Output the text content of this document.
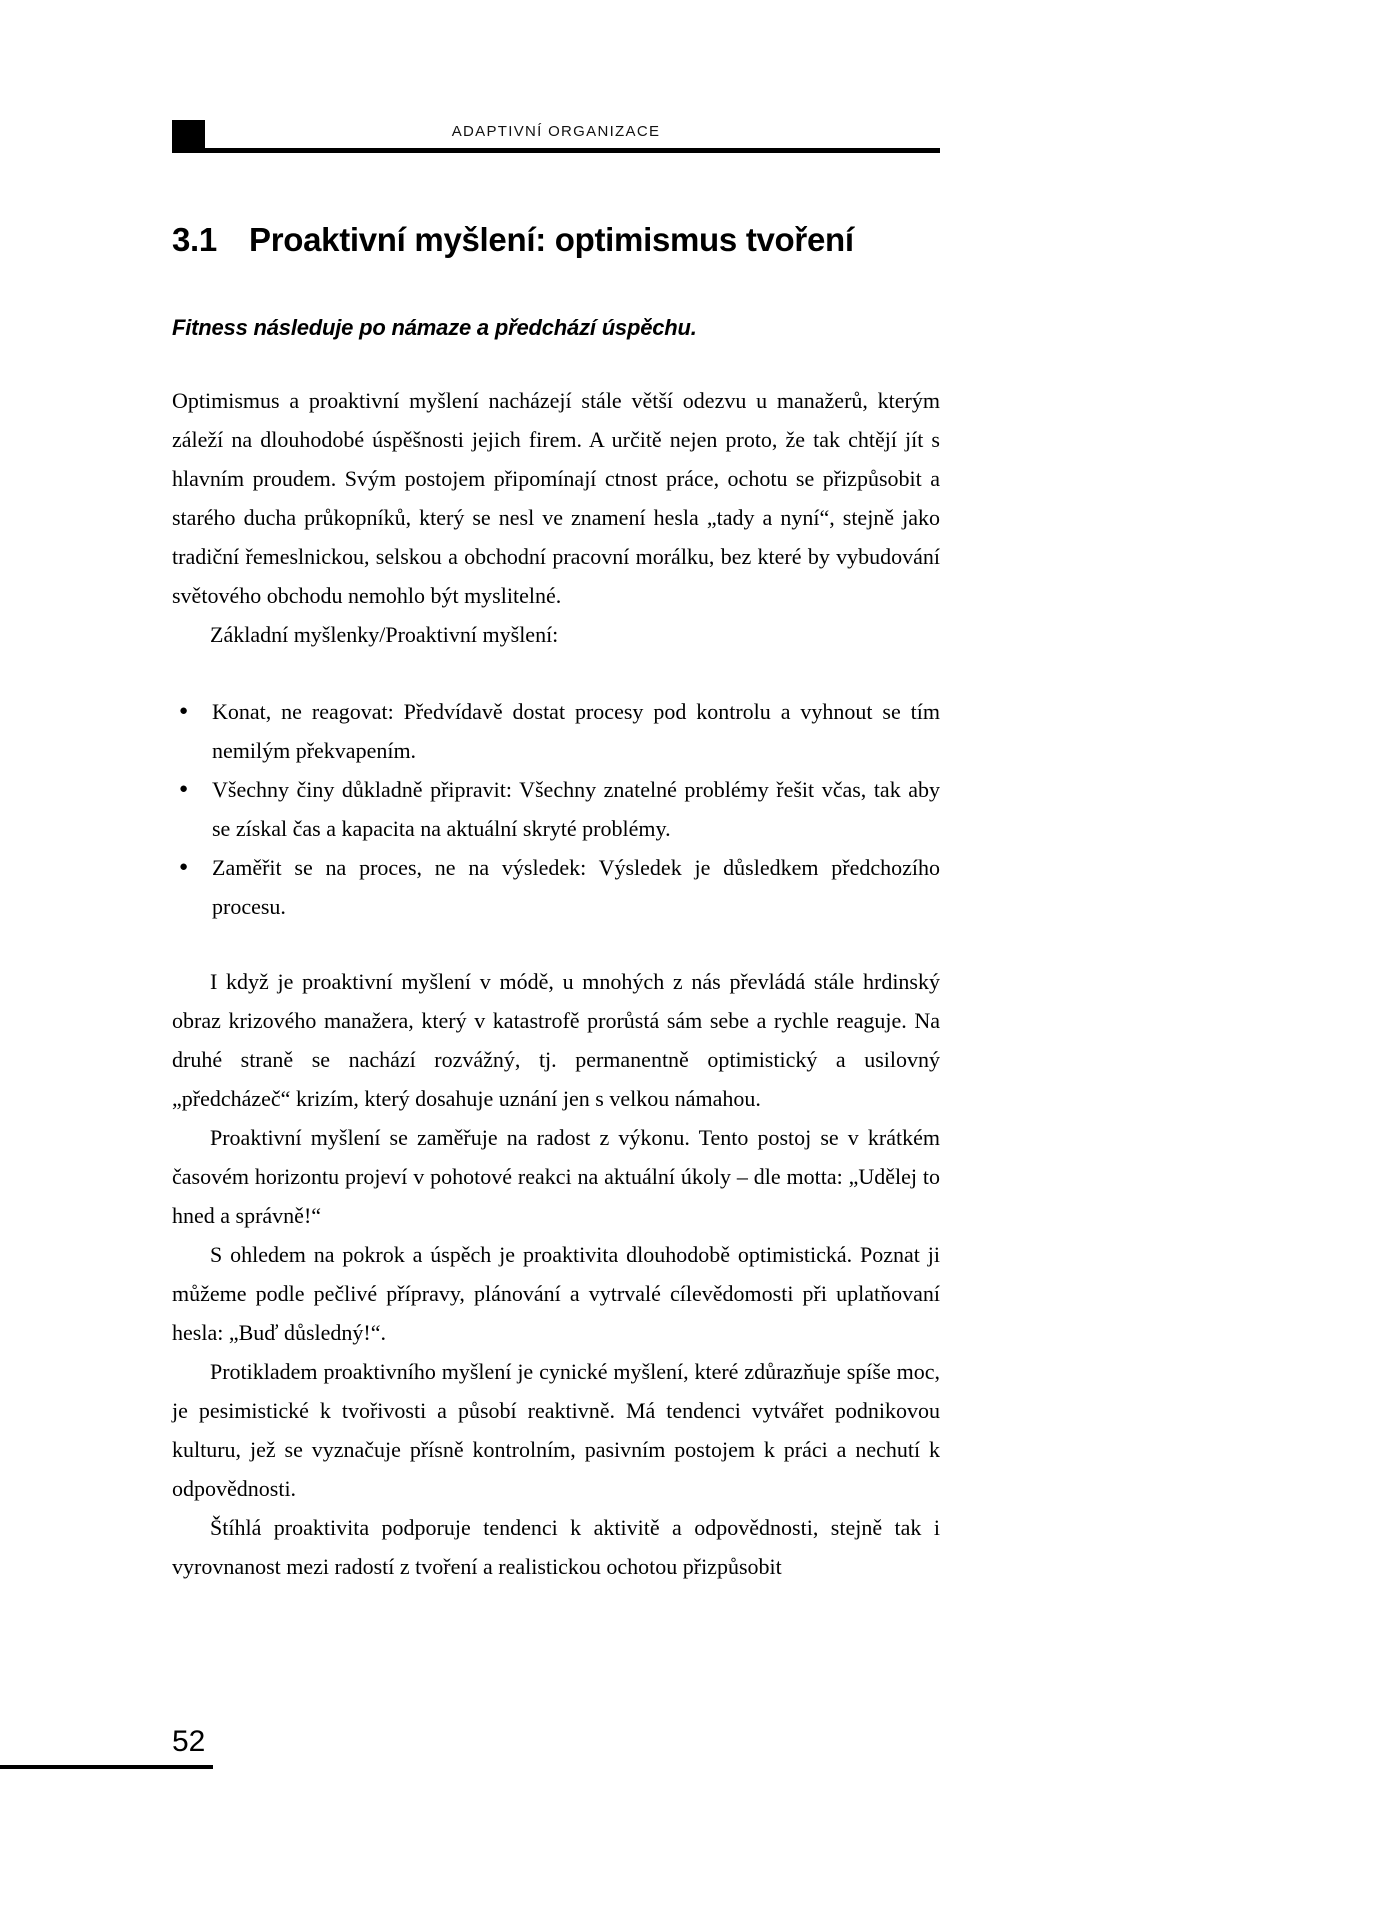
ADAPTIVNÍ ORGANIZACE
3.1 Proaktivní myšlení: optimismus tvoření
Fitness následuje po námaze a předchází úspěchu.

Optimismus a proaktivní myšlení nacházejí stále větší odezvu u manažerů, kterým záleží na dlouhodobé úspěšnosti jejich firem. A určitě nejen proto, že tak chtějí jít s hlavním proudem. Svým postojem připomínají ctnost práce, ochotu se přizpůsobit a starého ducha průkopníků, který se nesl ve znamení hesla „tady a nyní“, stejně jako tradiční řemeslnickou, selskou a obchodní pracovní morálku, bez které by vybudování světového obchodu nemohlo být myslitelné.

Základní myšlenky/Proaktivní myšlení:

●	Konat, ne reagovat: Předvídavě dostat procesy pod kontrolu a vyhnout se tím nemilým překvapením.
●	Všechny činy důkladně připravit: Všechny znatelné problémy řešit včas, tak aby se získal čas a kapacita na aktuální skryté problémy.
●	Zaměřit se na proces, ne na výsledek: Výsledek je důsledkem předchozího procesu.

I když je proaktivní myšlení v módě, u mnohých z nás převládá stále hrdinský obraz krizového manažera, který v katastrofě prorůstá sám sebe a rychle reaguje. Na druhé straně se nachází rozvážný, tj. permanentně optimistický a usilovný „předcházeč“ krizím, který dosahuje uznání jen s velkou námahou.

Proaktivní myšlení se zaměřuje na radost z výkonu. Tento postoj se v krátkém časovém horizontu projeví v pohotové reakci na aktuální úkoly – dle motta: „Udělej to hned a správně!“

S ohledem na pokrok a úspěch je proaktivita dlouhodobě optimistická. Poznat ji můžeme podle pečlivé přípravy, plánování a vytrvalé cílevědomosti při uplatňovaní hesla: „Buď důsledný!“.

Protikladem proaktivního myšlení je cynické myšlení, které zdůrazňuje spíše moc, je pesimistické k tvořivosti a působí reaktivně. Má tendenci vytvářet podnikovou kulturu, jež se vyznačuje přísně kontrolním, pasivním postojem k práci a nechutí k odpovědnosti.

Štíhlá proaktivita podporuje tendenci k aktivitě a odpovědnosti, stejně tak i vyrovnanost mezi radostí z tvoření a realistickou ochotou přizpůsobit

52
